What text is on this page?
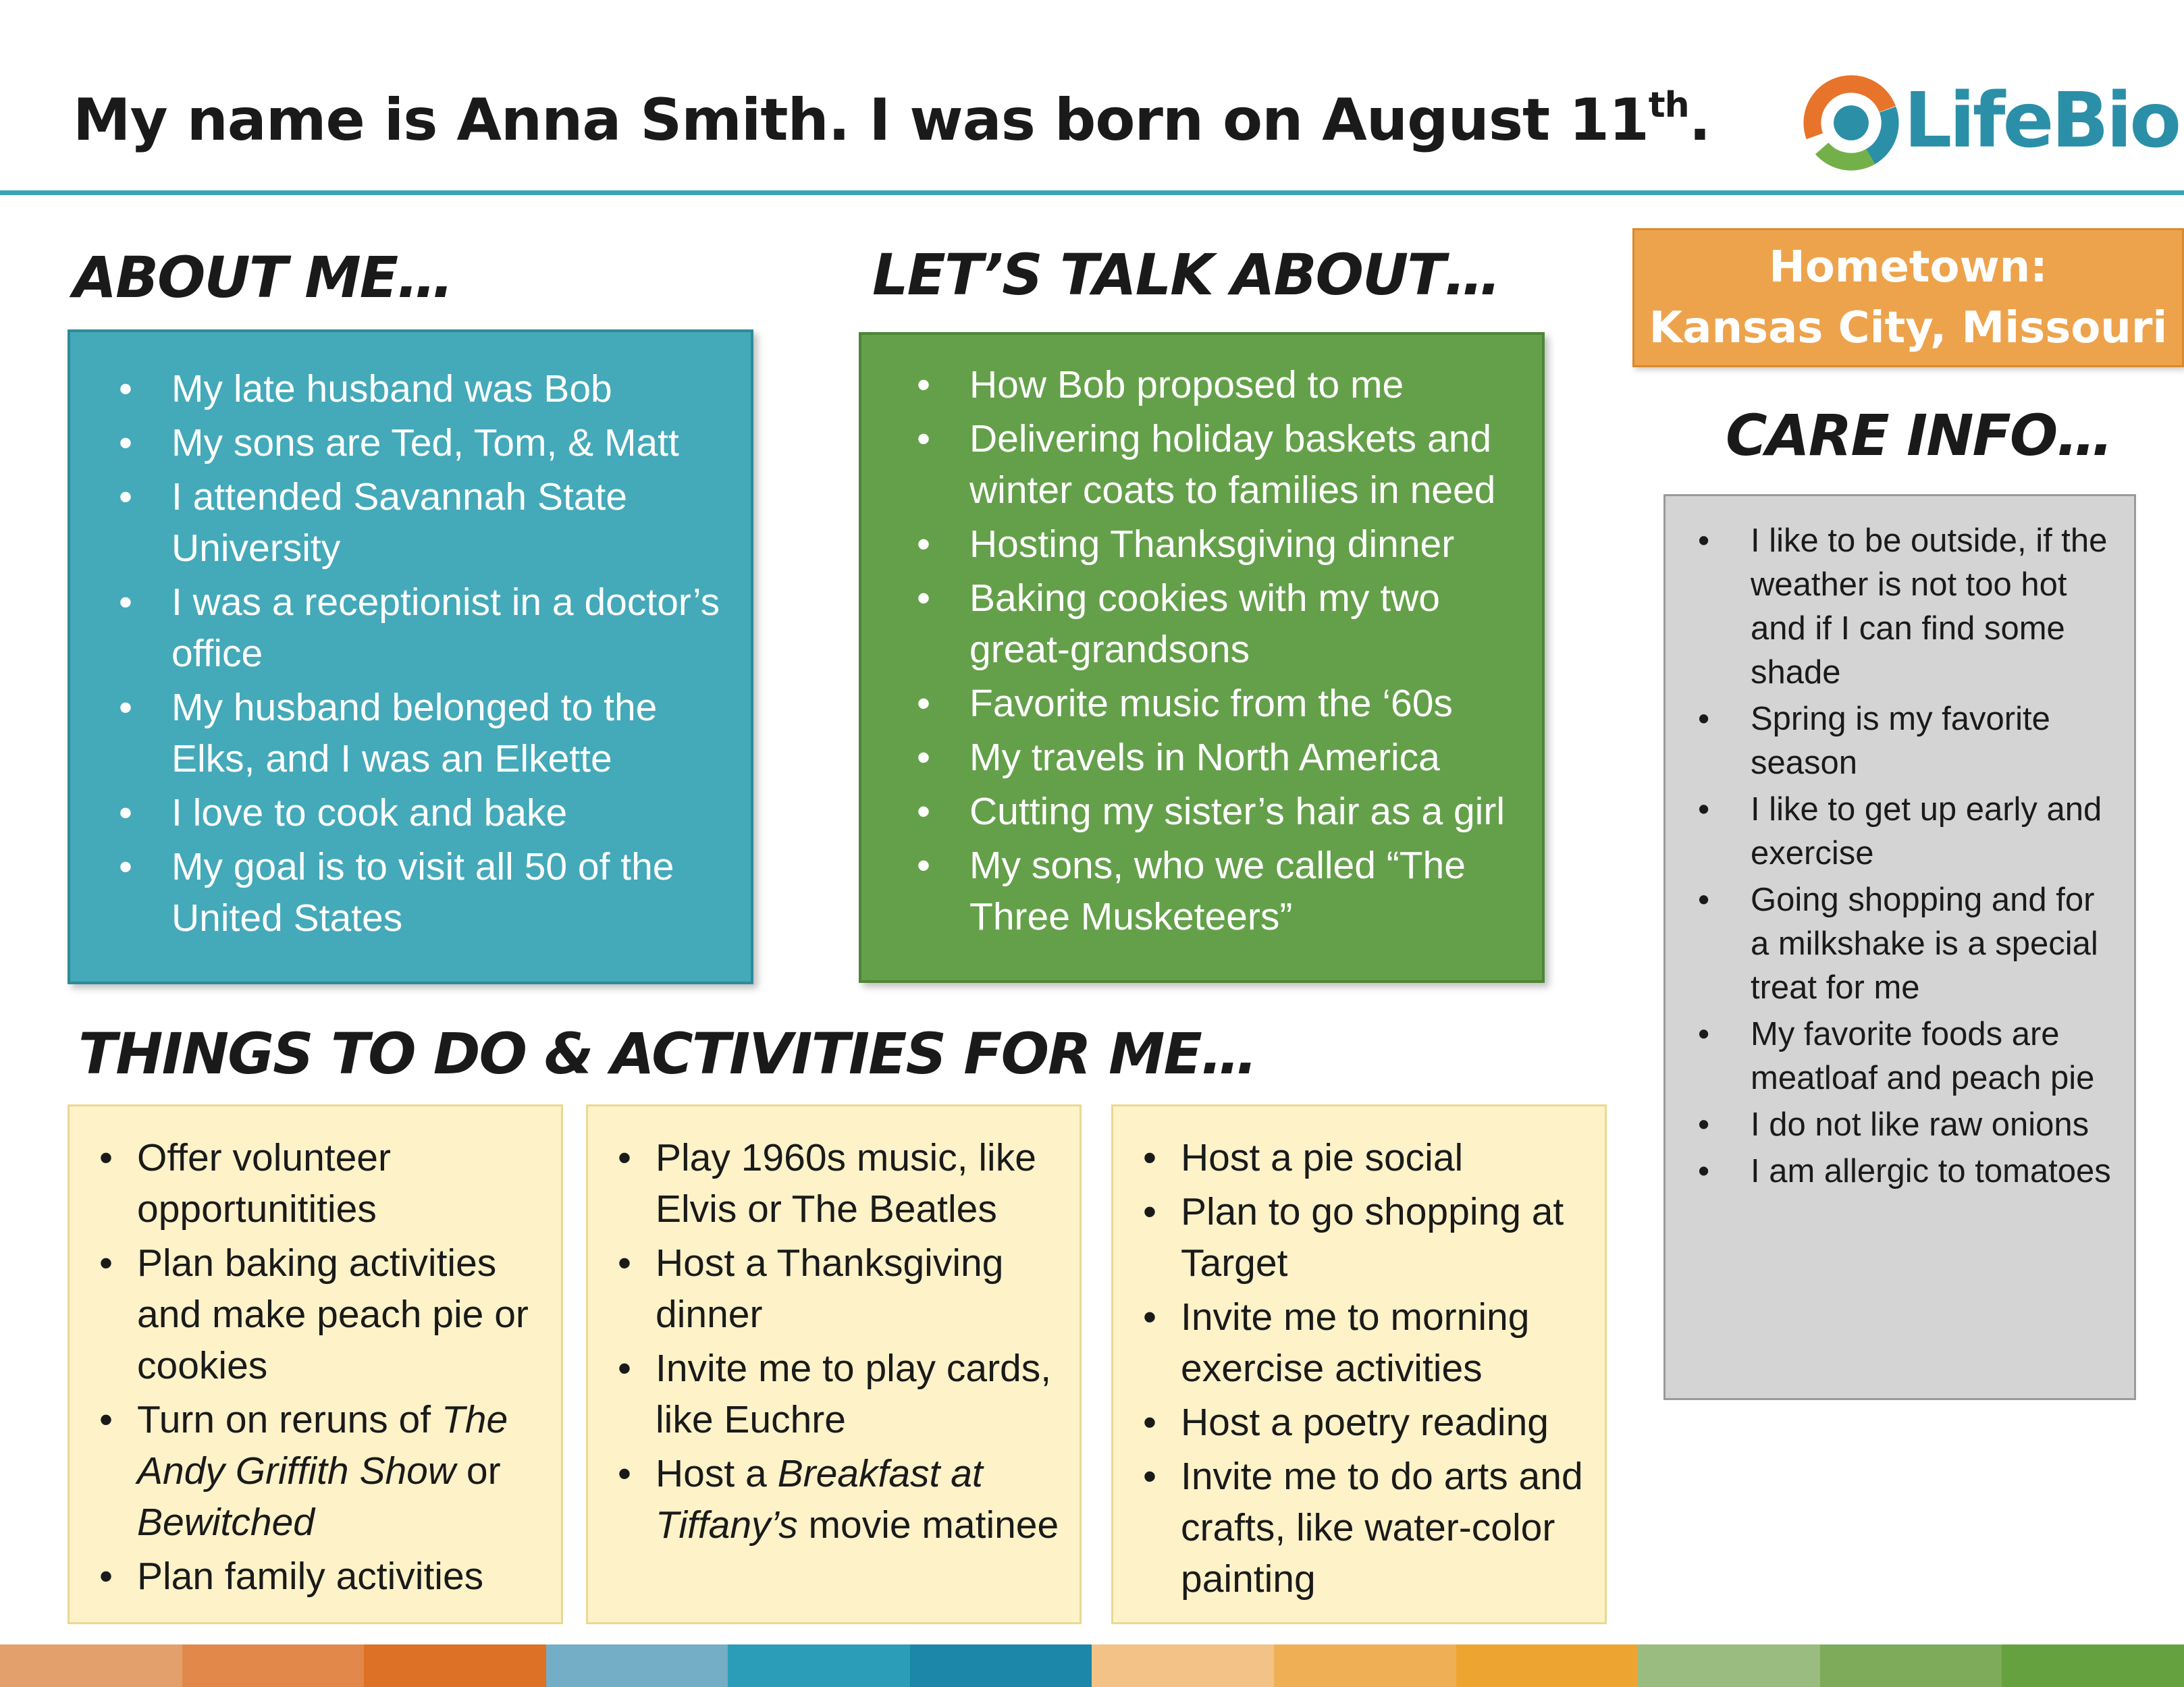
My name is Anna Smith. I was born on August 11th.	LifeBio
ABOUT ME…	LET’S TALK ABOUT…
CARE INFO…
THINGS TO DO & ACTIVITIES FOR ME…
Hometown:
Kansas City, Missouri
• My late husband was Bob
• My sons are Ted, Tom, & Matt
• I attended Savannah State University
• I was a receptionist in a doctor’s office
• My husband belonged to the Elks, and I was an Elkette
• I love to cook and bake
• My goal is to visit all 50 of the United States
• How Bob proposed to me
• Delivering holiday baskets and winter coats to families in need
• Hosting Thanksgiving dinner
• Baking cookies with my two great-grandsons
• Favorite music from the ‘60s
• My travels in North America
• Cutting my sister’s hair as a girl
• My sons, who we called “The Three Musketeers”
• I like to be outside, if the weather is not too hot and if I can find some shade
• Spring is my favorite season
• I like to get up early and exercise
• Going shopping and for a milkshake is a special treat for me
• My favorite foods are meatloaf and peach pie
• I do not like raw onions
• I am allergic to tomatoes
• Offer volunteer opportunitities
• Plan baking activities and make peach pie or cookies
• Turn on reruns of The Andy Griffith Show or Bewitched
• Plan family activities
• Play 1960s music, like Elvis or The Beatles
• Host a Thanksgiving dinner
• Invite me to play cards, like Euchre
• Host a Breakfast at Tiffany’s movie matinee
• Host a pie social
• Plan to go shopping at Target
• Invite me to morning exercise activities
• Host a poetry reading
• Invite me to do arts and crafts, like water-color painting
